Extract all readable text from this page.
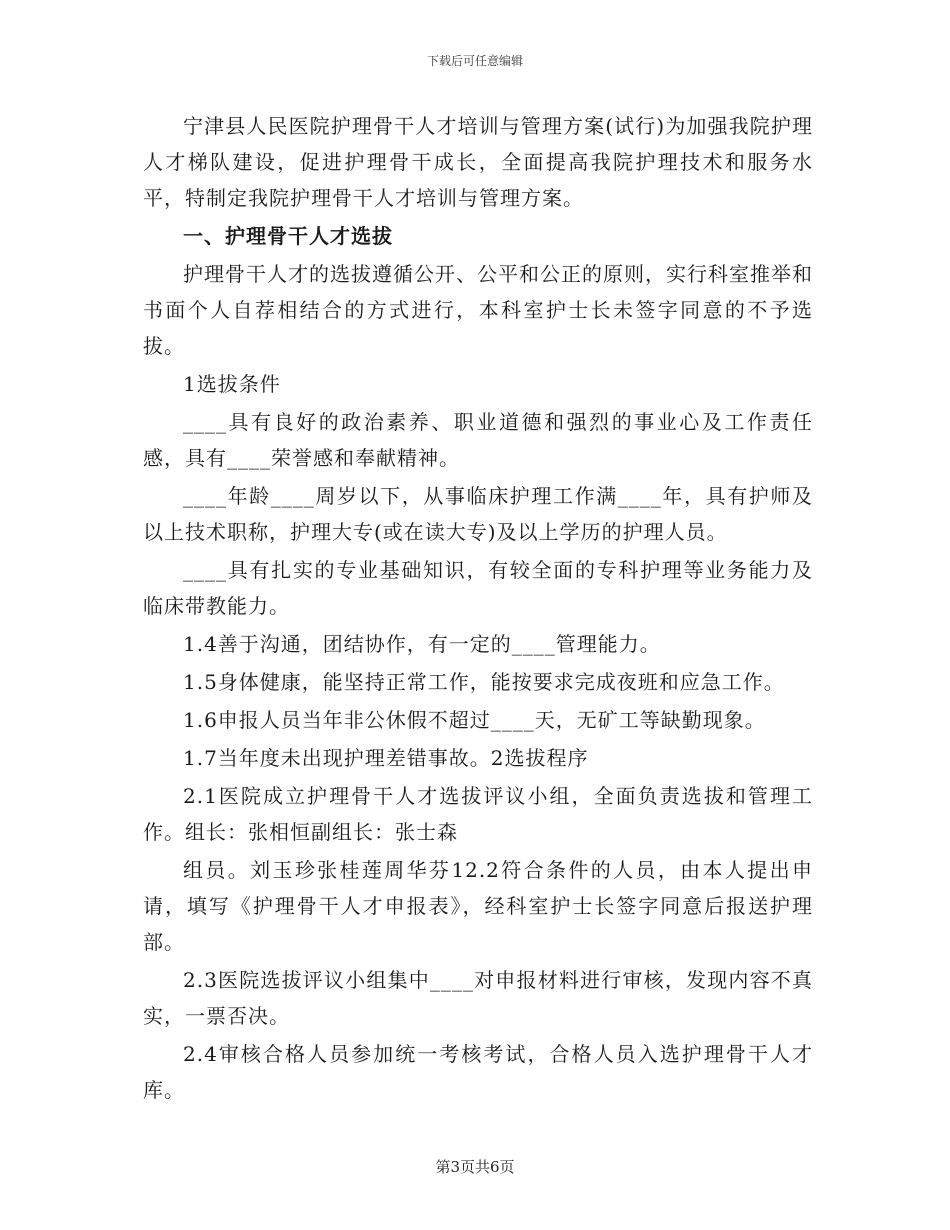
下载后可任意编辑

宁津县人民医院护理骨干人才培训与管理方案(试行)为加强我院护理人才梯队建设，促进护理骨干成长，全面提高我院护理技术和服务水平，特制定我院护理骨干人才培训与管理方案。

一、护理骨干人才选拔

护理骨干人才的选拔遵循公开、公平和公正的原则，实行科室推举和书面个人自荐相结合的方式进行，本科室护士长未签字同意的不予选拔。

1选拔条件

____具有良好的政治素养、职业道德和强烈的事业心及工作责任感，具有____荣誉感和奉献精神。

____年龄____周岁以下，从事临床护理工作满____年，具有护师及以上技术职称，护理大专(或在读大专)及以上学历的护理人员。

____具有扎实的专业基础知识，有较全面的专科护理等业务能力及临床带教能力。

1.4善于沟通，团结协作，有一定的____管理能力。

1.5身体健康，能坚持正常工作，能按要求完成夜班和应急工作。

1.6申报人员当年非公休假不超过____天，无矿工等缺勤现象。

1.7当年度未出现护理差错事故。2选拔程序

2.1医院成立护理骨干人才选拔评议小组，全面负责选拔和管理工作。组长：张相恒副组长：张士森

组员。刘玉珍张桂莲周华芬12.2符合条件的人员，由本人提出申请，填写《护理骨干人才申报表》，经科室护士长签字同意后报送护理部。

2.3医院选拔评议小组集中____对申报材料进行审核，发现内容不真实，一票否决。

2.4审核合格人员参加统一考核考试，合格人员入选护理骨干人才库。

第3页共6页
